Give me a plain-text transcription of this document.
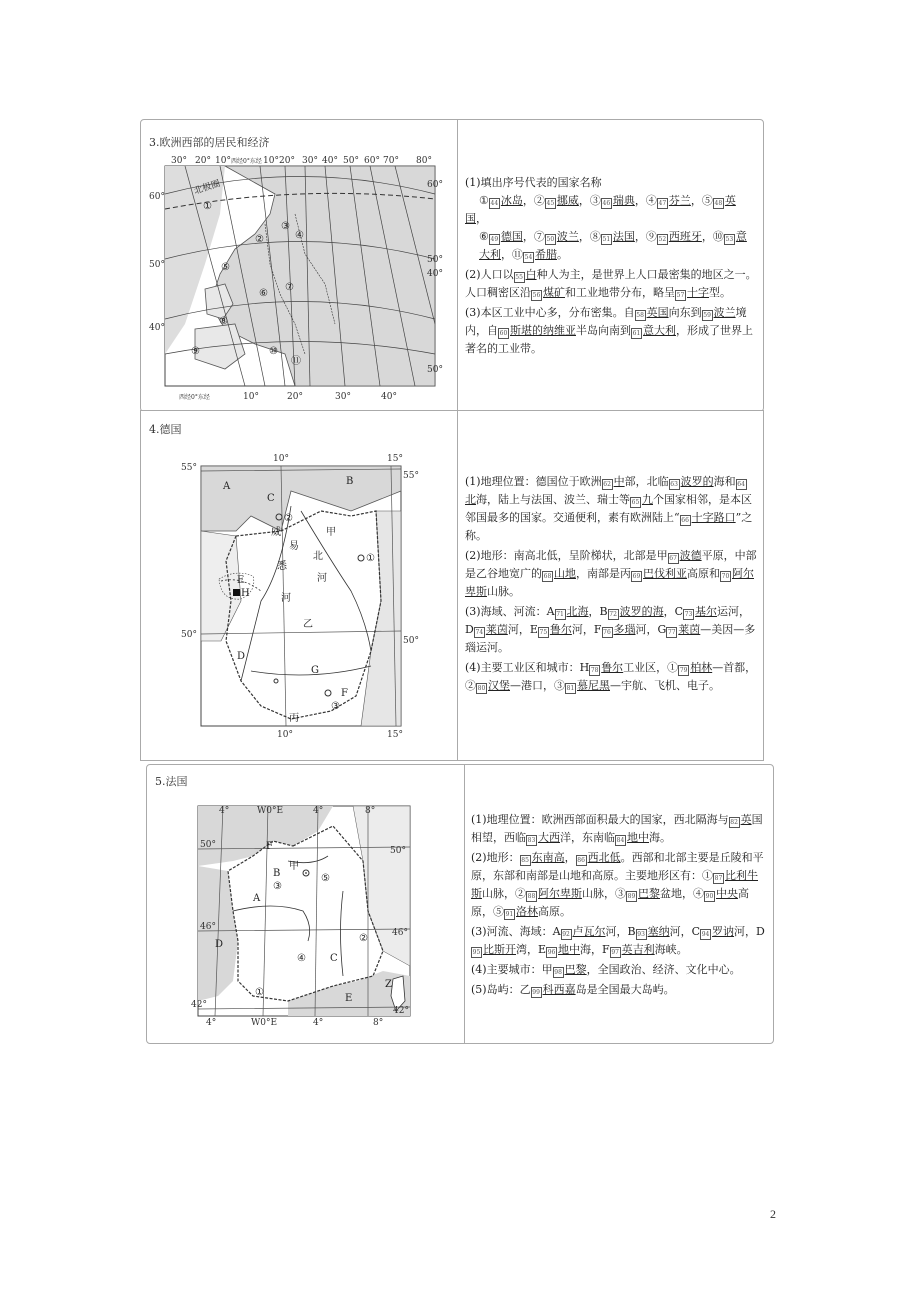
3.欧洲西部的居民和经济
30° 20° 10° 西经0°东经 10° 20° 30° 40° 50° 60° 70° 80°
60°
50°
40°
60°
50°
40°
50°
西经0°东经	10°	20°	30°	40°
北极圈
①
②
③
④
⑤
⑥
⑦
⑧
⑨	⑩
⑪

(1)填出序号代表的国家名称
① 44 冰岛，② 45 挪威，③ 46 瑞典，④ 47 芬兰，⑤ 48 英国，
⑥ 49 德国，⑦ 50 波兰，⑧ 51 法国，⑨ 52 西班牙，⑩ 53 意
大利，⑪ 54 希腊。

(2)人口以 55 白种人为主，是世界上人口最密集的地区之一。人口稠密区沿 56 煤矿和工业地带分布，略呈 57 十字型。

(3)本区工业中心多，分布密集。自 58 英国向东到 59 波兰境内，自 60 斯堪的纳维亚半岛向南到 61 意大利，形成了世界上著名的工业带。

4.德国
10°	15°
10°	15°
55°
50°
55°
50°
A	B
C
②
威
易
甲
北	①
悉
河
E
H	河
乙
D
G
F
③
丙

(1)地理位置：德国位于欧洲 62 中部，北临 63 波罗的海和 64北海，陆上与法国、波兰、瑞士等 65 九个国家相邻，是本区邻国最多的国家。交通便利，素有欧洲陆上“ 66 十字路口”之称。

(2)地形：南高北低，呈阶梯状，北部是甲 67 波德平原，中部是乙谷地宽广的 68 山地，南部是丙 69 巴伐利亚高原和 70 阿尔卑斯山脉。

(3)海域、河流：A 71 北海，B 72 波罗的海，C 73 基尔运河，D 74 莱茵河，E 75 鲁尔河，F 76 多瑙河，G 77 莱茵—美因—多瑙运河。

(4)主要工业区和城市：H 78 鲁尔工业区，① 79 柏林—首都，② 80 汉堡—港口，③ 81 慕尼黑—宇航、飞机、电子。

5.法国
4°	W0°E	4°	8°
4°	W0°E	4°	8°
50°
46°
42°
50°
46°
42°
F
甲
B
③
⑤
A
D
④ C
②
①
E
Z

(1)地理位置：欧洲西部面积最大的国家，西北隔海与 82 英国相望，西临 83 大西洋，东南临 84 地中海。

(2)地形： 85 东南高， 86 西北低。西部和北部主要是丘陵和平原，东部和南部是山地和高原。主要地形区有：① 87 比利牛斯山脉，② 88 阿尔卑斯山脉，③ 89 巴黎盆地，④ 90 中央高原，⑤ 91 洛林高原。

(3)河流、海域：A 92 卢瓦尔河，B 93 塞纳河，C 94 罗讷河，D95 比斯开湾，E 96 地中海，F 97 英吉利海峡。

(4)主要城市：甲 98 巴黎，全国政治、经济、文化中心。

(5)岛屿：乙 99 科西嘉岛是全国最大岛屿。

2
